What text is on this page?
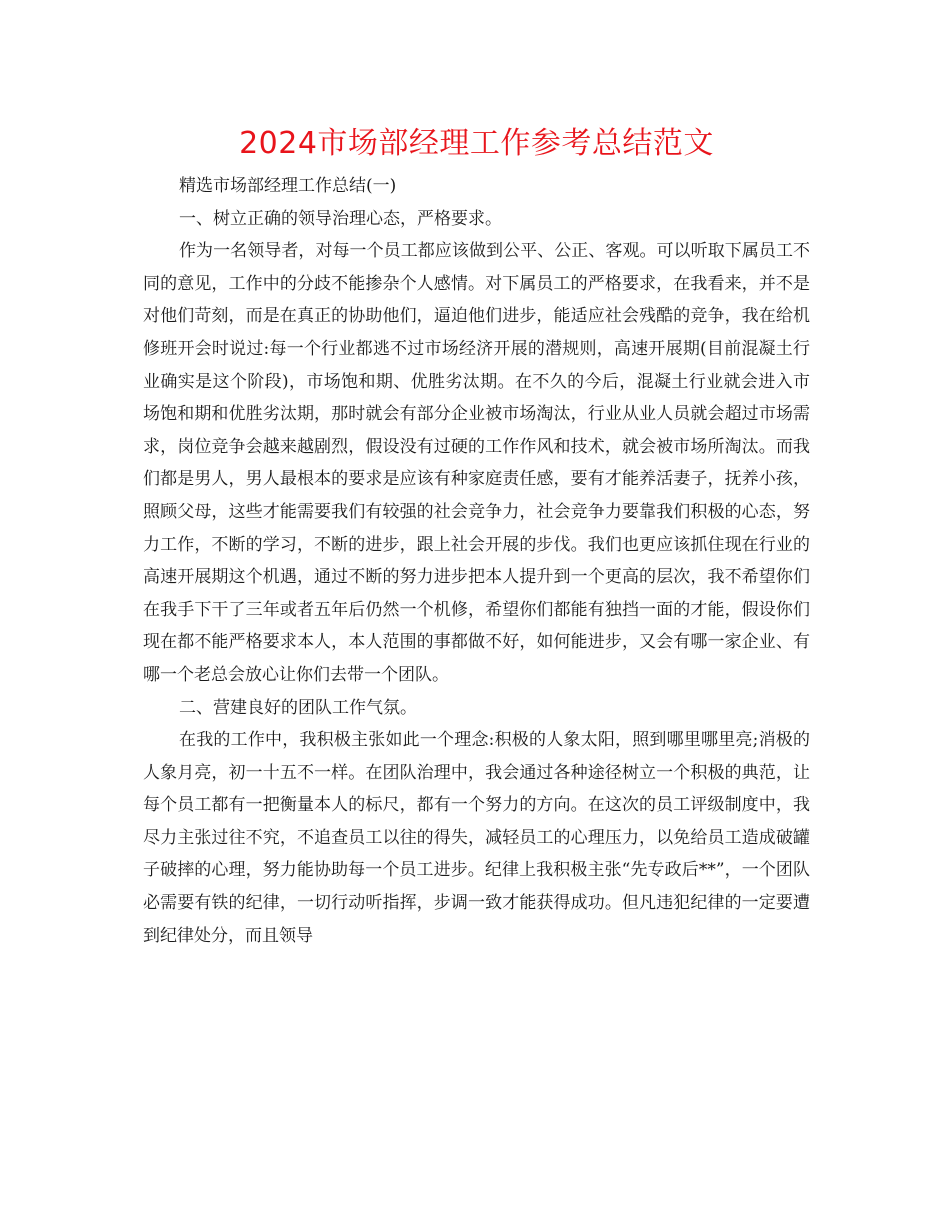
2024市场部经理工作参考总结范文

精选市场部经理工作总结(一)

一、树立正确的领导治理心态，严格要求。

作为一名领导者，对每一个员工都应该做到公平、公正、客观。可以听取下属员工不同的意见，工作中的分歧不能掺杂个人感情。对下属员工的严格要求，在我看来，并不是对他们苛刻，而是在真正的协助他们，逼迫他们进步，能适应社会残酷的竞争，我在给机修班开会时说过:每一个行业都逃不过市场经济开展的潜规则，高速开展期(目前混凝土行业确实是这个阶段)，市场饱和期、优胜劣汰期。在不久的今后，混凝土行业就会进入市场饱和期和优胜劣汰期，那时就会有部分企业被市场淘汰，行业从业人员就会超过市场需求，岗位竞争会越来越剧烈，假设没有过硬的工作作风和技术，就会被市场所淘汰。而我们都是男人，男人最根本的要求是应该有种家庭责任感，要有才能养活妻子，抚养小孩，照顾父母，这些才能需要我们有较强的社会竞争力，社会竞争力要靠我们积极的心态，努力工作，不断的学习，不断的进步，跟上社会开展的步伐。我们也更应该抓住现在行业的高速开展期这个机遇，通过不断的努力进步把本人提升到一个更高的层次，我不希望你们在我手下干了三年或者五年后仍然一个机修，希望你们都能有独挡一面的才能，假设你们现在都不能严格要求本人，本人范围的事都做不好，如何能进步，又会有哪一家企业、有哪一个老总会放心让你们去带一个团队。

二、营建良好的团队工作气氛。

在我的工作中，我积极主张如此一个理念:积极的人象太阳，照到哪里哪里亮;消极的人象月亮，初一十五不一样。在团队治理中，我会通过各种途径树立一个积极的典范，让每个员工都有一把衡量本人的标尺，都有一个努力的方向。在这次的员工评级制度中，我尽力主张过往不究，不追查员工以往的得失，减轻员工的心理压力，以免给员工造成破罐子破摔的心理，努力能协助每一个员工进步。纪律上我积极主张“先专政后**”，一个团队必需要有铁的纪律，一切行动听指挥，步调一致才能获得成功。但凡违犯纪律的一定要遭到纪律处分，而且领导
